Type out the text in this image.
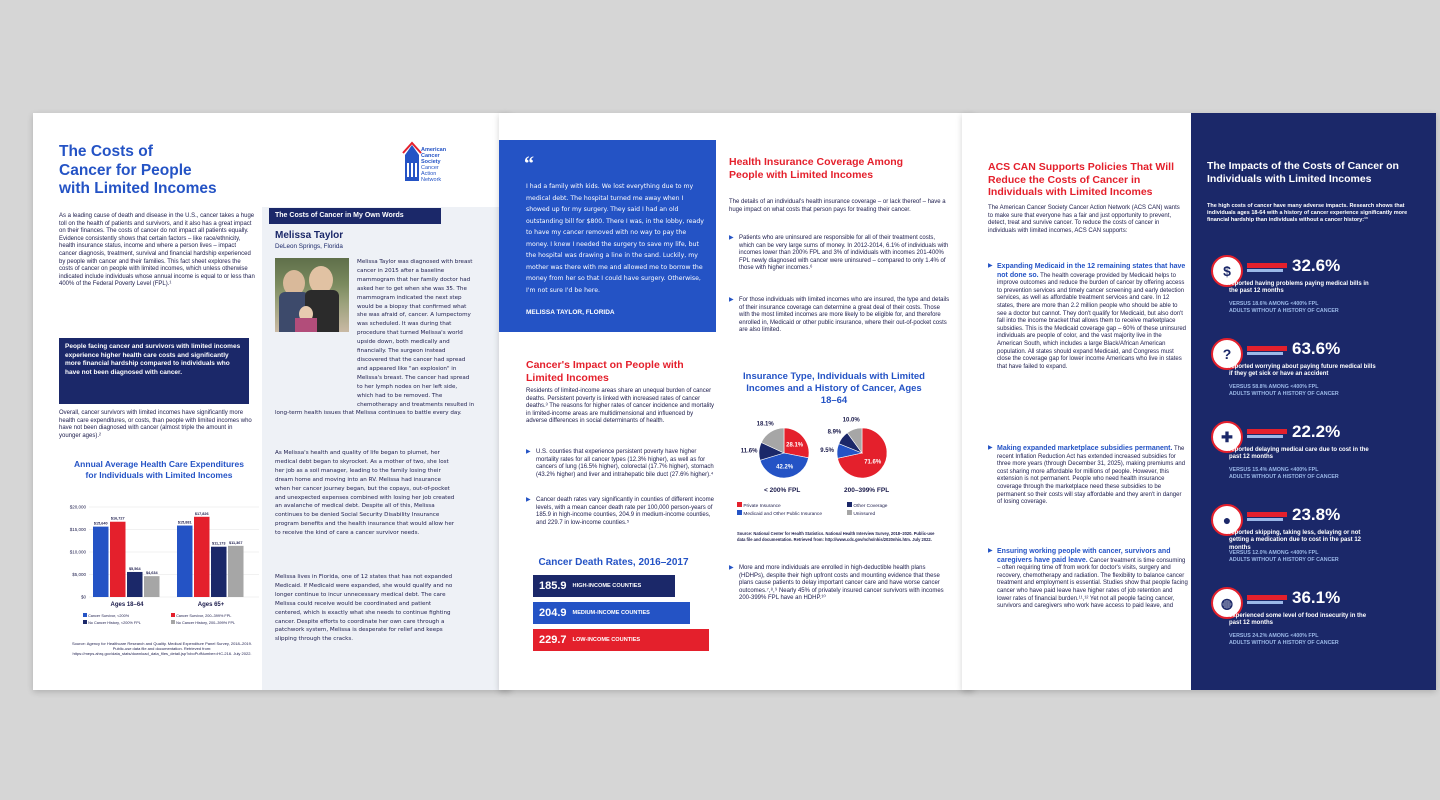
The Costs of
Cancer for People
with Limited Incomes
American
Cancer
Society
Cancer
Action
Network
As a leading cause of death and disease in the U.S., cancer takes a huge toll on the health of patients and survivors, and it also has a great impact on their finances. The costs of cancer do not impact all patients equally. Evidence consistently shows that certain factors – like race/ethnicity, health insurance status, income and where a person lives – impact cancer diagnosis, treatment, survival and financial hardship experienced by people with cancer and their families. This fact sheet explores the costs of cancer on people with limited incomes, which unless otherwise indicated include individuals whose annual income is equal to or less than 400% of the Federal Poverty Level (FPL).¹
People facing cancer and survivors with limited incomes experience higher health care costs and significantly more financial hardship compared to individuals who have not been diagnosed with cancer.
Overall, cancer survivors with limited incomes have significantly more health care expenditures, or costs, than people with limited incomes who have not been diagnosed with cancer (almost triple the amount in younger ages).²
Annual Average Health Care Expenditures for Individuals with Limited Incomes
$20,000
$15,000
$10,000
$5,000
$0
$15,640
$16,727
$5,564
$4,634
Ages 18–64
$15,881
$17,826
$11,173 $11,367
Ages 65+
Cancer Survivor, <200%	Cancer Survivor, 200–399% FPL
No Cancer History, <200% FPL	No Cancer History, 200–399% FPL
Source: Agency for Healthcare Research and Quality. Medical Expenditure Panel Survey, 2018–2019. Public-use data file and documentation. Retrieved from: https://meps.ahrq.gov/data_stats/download_data_files_detail.jsp?cboPufNumber=HC-216. July 2022.
The Costs of Cancer in My Own Words
Melissa Taylor
DeLeon Springs, Florida
Melissa Taylor was diagnosed with breast cancer in 2015 after a baseline mammogram that her family doctor had asked her to get when she was 35. The mammogram indicated the next step would be a biopsy that confirmed what she was afraid of, cancer. A lumpectomy was scheduled. It was during that procedure that turned Melissa's world upside down, both medically and financially. The surgeon instead discovered that the cancer had spread and appeared like "an explosion" in Melissa's breast. The cancer had spread to her lymph nodes on her left side, which had to be removed. The chemotherapy and treatments resulted in long-term health issues that Melissa continues to battle every day.
As Melissa's health and quality of life began to plumet, her medical debt began to skyrocket. As a mother of two, she lost her job as a soil manager, leading to the family losing their dream home and moving into an RV. Melissa had insurance when her cancer journey began, but the copays, out-of-pocket and unexpected expenses combined with losing her job created an avalanche of medical debt. Despite all of this, Melissa continues to be denied Social Security Disability Insurance program benefits and the health insurance that would allow her to receive the kind of care a cancer survivor needs.
Melissa lives in Florida, one of 12 states that has not expanded Medicaid. If Medicaid were expanded, she would qualify and no longer continue to incur unnecessary medical debt. The care Melissa could receive would be coordinated and patient centered, which is exactly what she needs to continue fighting cancer. Despite efforts to coordinate her own care through a patchwork system, Melissa is desperate for relief and keeps slipping through the cracks.
“
I had a family with kids. We lost everything due to my medical debt. The hospital turned me away when I showed up for my surgery. They said I had an old outstanding bill for $800. There I was, in the lobby, ready to have my cancer removed with no way to pay the money. I knew I needed the surgery to save my life, but the hospital was drawing a line in the sand. Luckily, my mother was there with me and allowed me to borrow the money from her so that I could have surgery. Otherwise, I'm not sure I'd be here.
MELISSA TAYLOR, FLORIDA
Cancer's Impact on People with Limited Incomes
Residents of limited-income areas share an unequal burden of cancer deaths. Persistent poverty is linked with increased rates of cancer deaths.³ The reasons for higher rates of cancer incidence and mortality in limited-income areas are multidimensional and influenced by adverse differences in social determinants of health.
▶ U.S. counties that experience persistent poverty have higher mortality rates for all cancer types (12.3% higher), as well as for cancers of lung (16.5% higher), colorectal (17.7% higher), stomach (43.2% higher) and liver and intrahepatic bile duct (27.6% higher).⁴
▶ Cancer death rates vary significantly in counties of different income levels, with a mean cancer death rate per 100,000 person-years of 185.9 in high-income counties, 204.9 in medium-income counties, and 229.7 in low-income counties.⁵
Cancer Death Rates, 2016–2017
Health Insurance Coverage Among People with Limited Incomes
The details of an individual's health insurance coverage – or lack thereof – have a huge impact on what costs that person pays for treating their cancer.
▶ Patients who are uninsured are responsible for all of their treatment costs, which can be very large sums of money. In 2012-2014, 6.1% of individuals with incomes lower than 200% FPL and 3% of individuals with incomes 201-400% FPL newly diagnosed with cancer were uninsured – compared to only 1.4% of those with higher incomes.⁶
▶ For those individuals with limited incomes who are insured, the type and details of their insurance coverage can determine a great deal of their costs. Those with the most limited incomes are more likely to be eligible for, and therefore enrolled in, Medicaid or other public insurance, where their out-of-pocket costs are also limited.
Insurance Type, Individuals with Limited Incomes and a History of Cancer, Ages 18–64
28.1%
42.2%
11.6%
18.1%
71.6%
9.5%
8.9%
10.0%
< 200% FPL	200–399% FPL
Private Insurance	Other Coverage
Medicaid and Other Public Insurance	Uninsured
Source: National Center for Health Statistics. National Health Interview Survey, 2018–2020. Public-use data file and documentation. Retrieved from: http://www.cdc.gov/nchs/nhis/2020nhis.htm. July 2022.
▶ More and more individuals are enrolled in high-deductible health plans (HDHPs), despite their high upfront costs and mounting evidence that these plans cause patients to delay important cancer care and have worse cancer outcomes.⁷,⁸,⁹ Nearly 45% of privately insured cancer survivors with incomes 200-399% FPL have an HDHP.¹⁰
185.9 HIGH-INCOME COUNTIES
204.9 MEDIUM-INCOME COUNTIES
229.7 LOW-INCOME COUNTIES
ACS CAN Supports Policies That Will Reduce the Costs of Cancer in Individuals with Limited Incomes
The American Cancer Society Cancer Action Network (ACS CAN) wants to make sure that everyone has a fair and just opportunity to prevent, detect, treat and survive cancer. To reduce the costs of cancer in individuals with limited incomes, ACS CAN supports:
▶ Expanding Medicaid in the 12 remaining states that have not done so. The health coverage provided by Medicaid helps to improve outcomes and reduce the burden of cancer by offering access to prevention services and timely cancer screening and early detection services, as well as affordable treatment services and care. In 12 states, there are more than 2.2 million people who should be able to see a doctor but cannot. They don't qualify for Medicaid, but also don't fall into the income bracket that allows them to receive marketplace subsidies. This is the Medicaid coverage gap – 60% of these uninsured individuals are people of color, and the vast majority live in the American South, which includes a large Black/African American population. All states should expand Medicaid, and Congress must close the coverage gap for lower income Americans who live in states that have failed to expand.
▶ Making expanded marketplace subsidies permanent. The recent Inflation Reduction Act has extended increased subsidies for three more years (through December 31, 2025), making premiums and cost sharing more affordable for millions of people. However, this extension is not permanent. People who need health insurance coverage through the marketplace need these subsidies to be permanent so their costs will stay affordable and they aren't in danger of losing coverage.
▶ Ensuring working people with cancer, survivors and caregivers have paid leave. Cancer treatment is time consuming – often requiring time off from work for doctor's visits, surgery and recovery, chemotherapy and radiation. The flexibility to balance cancer treatment and employment is essential. Studies show that people facing cancer who have paid leave have higher rates of job retention and lower rates of financial burden.¹¹,¹² Yet not all people facing cancer, survivors and caregivers who work have access to paid leave, and
The Impacts of the Costs of Cancer on Individuals with Limited Incomes
The high costs of cancer have many adverse impacts. Research shows that individuals ages 18-64 with a history of cancer experience significantly more financial hardship than individuals without a cancer history:¹³
$	32.6%
reported having problems paying medical bills in the past 12 months
VERSUS 18.6% AMONG <400% FPL
ADULTS WITHOUT A HISTORY OF CANCER
?	63.6%
reported worrying about paying future medical bills if they get sick or have an accident
VERSUS 58.8% AMONG <400% FPL
ADULTS WITHOUT A HISTORY OF CANCER
✚	22.2%
reported delaying medical care due to cost in the past 12 months
VERSUS 15.4% AMONG <400% FPL
ADULTS WITHOUT A HISTORY OF CANCER
●	23.8%
reported skipping, taking less, delaying or not getting a medication due to cost in the past 12 months
VERSUS 12.0% AMONG <400% FPL
ADULTS WITHOUT A HISTORY OF CANCER
◍	36.1%
experienced some level of food insecurity in the past 12 months
VERSUS 24.2% AMONG <400% FPL
ADULTS WITHOUT A HISTORY OF CANCER
